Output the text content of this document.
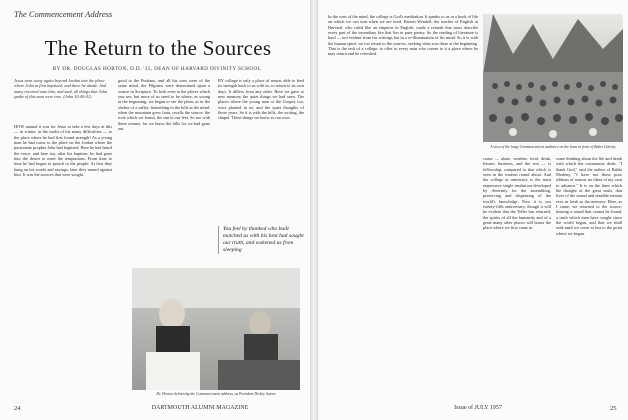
The Commencement Address
The Return to the Sources
BY DR. DOUGLAS HORTON, D.D. '35, DEAN OF HARVARD DIVINITY SCHOOL
Jesus went away again beyond Jordan into the place where John at first baptized; and there he abode. And many resorted unto him, and said, all things that John spake of this man were true. (John 10:40-41)
HOW natural it was for Jesus to take a few days at this — in winter, in the midst of his many difficulties — to the place where he had first found strength! As a young man he had come to the place on the Jordan where the passionate prophet John had baptized. Here he had heard the voice, and here too, after his baptism, he had gone into the desert to meet the temptations. From time to time he had begun to preach to the people. At first they hung on his words and sayings; later they turned against him. It was the sources that were sought.
good to the Puritans, and all his sons were of the same mind, the Pilgrims were determined upon a source in Scripture. To look even at the places which you see, but more of us need to be where, as young at the beginning, we began to see the plain, as in the shelter of a valley. Something in the hills at the mind, when the mountain grew faint, recalls the source: the rock which we found, the sun in our feet. So too with these returns, for we know the hills for we had gone out.
BY college is only a place of return, able to feed its strength back to us with us, to return to its own days. It differs from any other. Here we gave to new memory the quiet things we had seen. The places where the young man or the Gospel, too, were planted in us, and the quiet thoughts of those years. So it is with the hills, the writing, the chapel. These things we knew as our own.
You feel by thanked who built matched us with his best had sought our truth, and wakened us from sleeping
Dr. Horton delivering the Commencement address, as President Dickey listens
24	DARTMOUTH ALUMNI MAGAZINE
In the sons of the mind, the college is God's meditation. It speaks to us in a book of life on which we can turn when we are tired. Barrett Wendell, the teacher of English at Harvard, who ruled like an emperor in English, made a remark that must describe every part of the incendiary fire that lies in pure poetry. So the reading of literature is hard — not evident from his writings but in a re-illumination of his mind. So it is with the human spirit: we too return to the sources, seeking what was there at the beginning. That is the task of a college, to offer to every man who comes to it a place where he may return and be refreshed.
A view of the large Commencement audience on the lawn in front of Baker Library
cause — alone, weather, food, drink, leisure, business, and the rest — is fellowship, compared to that which is seen in the women round about. And the college at university is the most impressive single institution developed by Aeternity for the assembling, preserving and dispensing of the world's knowledge. Now it is our twenty-fifth anniversary, though it will be evident that the Teller has returned, the spirits of all the humanity and of a great many other places will honor the place where we first came in.
some thinking about the life and death with which the community deals. "I thank God," said the author of Rabbi Modeny, "I have not those pour ribbons of reason, no ideas of my own to advance." It is on the lines which the thought of the great souls, that lives of the sound and sensible remain ever as fresh as the memory. Here, as I came, we returned to the source, hearing a sound that cannot be found, a truth which men have sought since the world began, and that we shall seek until we come at last to the point where we began.
Issue of JULY 1957	25
